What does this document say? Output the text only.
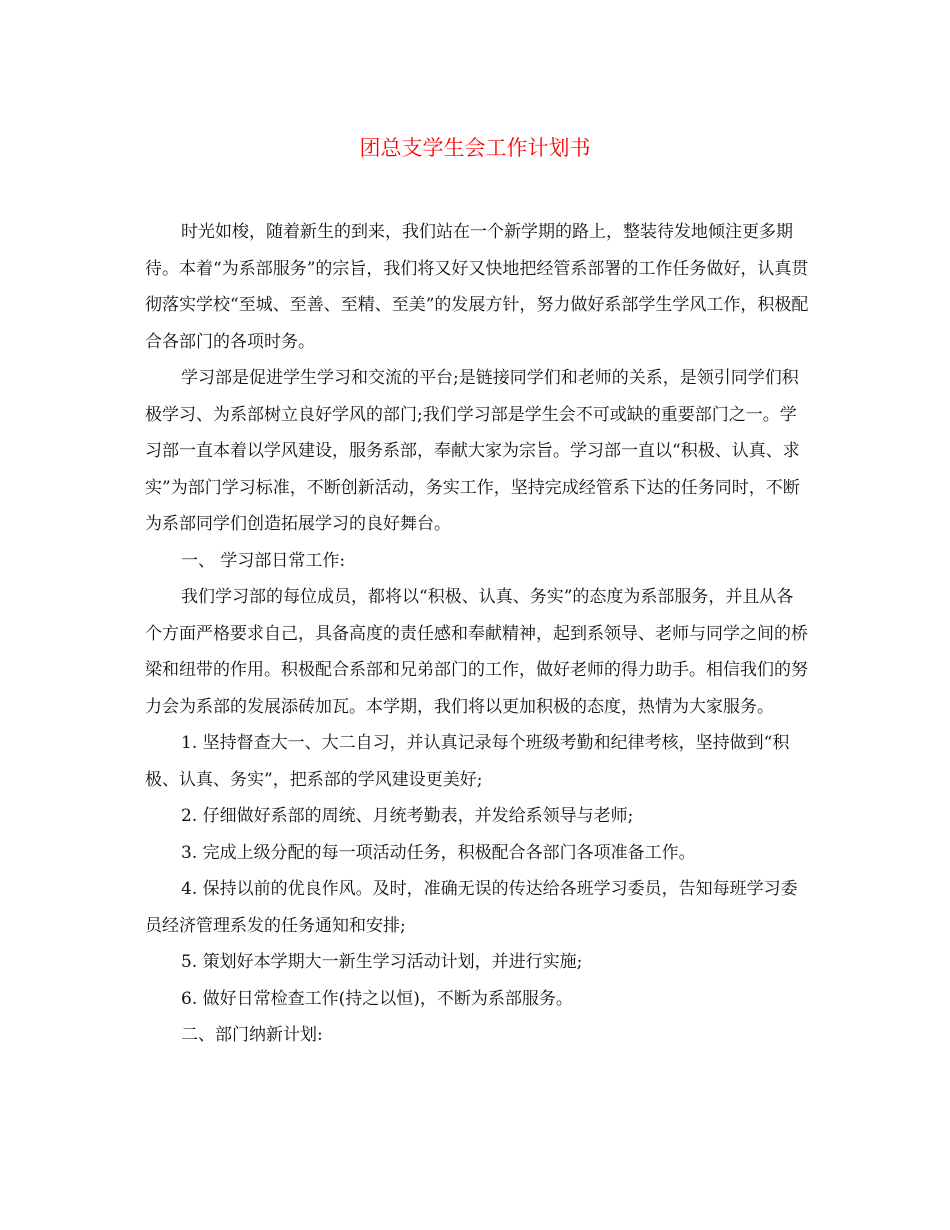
团总支学生会工作计划书

时光如梭，随着新生的到来，我们站在一个新学期的路上，整装待发地倾注更多期待。本着“为系部服务”的宗旨，我们将又好又快地把经管系部署的工作任务做好，认真贯彻落实学校“至城、至善、至精、至美”的发展方针，努力做好系部学生学风工作，积极配合各部门的各项时务。

学习部是促进学生学习和交流的平台;是链接同学们和老师的关系，是领引同学们积极学习、为系部树立良好学风的部门;我们学习部是学生会不可或缺的重要部门之一。学习部一直本着以学风建设，服务系部，奉献大家为宗旨。学习部一直以“积极、认真、求实”为部门学习标准，不断创新活动，务实工作，坚持完成经管系下达的任务同时，不断为系部同学们创造拓展学习的良好舞台。

一、 学习部日常工作:

我们学习部的每位成员，都将以“积极、认真、务实”的态度为系部服务，并且从各个方面严格要求自己，具备高度的责任感和奉献精神，起到系领导、老师与同学之间的桥梁和纽带的作用。积极配合系部和兄弟部门的工作，做好老师的得力助手。相信我们的努力会为系部的发展添砖加瓦。本学期，我们将以更加积极的态度，热情为大家服务。

1. 坚持督查大一、大二自习，并认真记录每个班级考勤和纪律考核，坚持做到“积极、认真、务实”，把系部的学风建设更美好;

2. 仔细做好系部的周统、月统考勤表，并发给系领导与老师;

3. 完成上级分配的每一项活动任务，积极配合各部门各项准备工作。

4. 保持以前的优良作风。及时，准确无误的传达给各班学习委员，告知每班学习委员经济管理系发的任务通知和安排;

5. 策划好本学期大一新生学习活动计划，并进行实施;

6. 做好日常检查工作(持之以恒)，不断为系部服务。

二、部门纳新计划:
